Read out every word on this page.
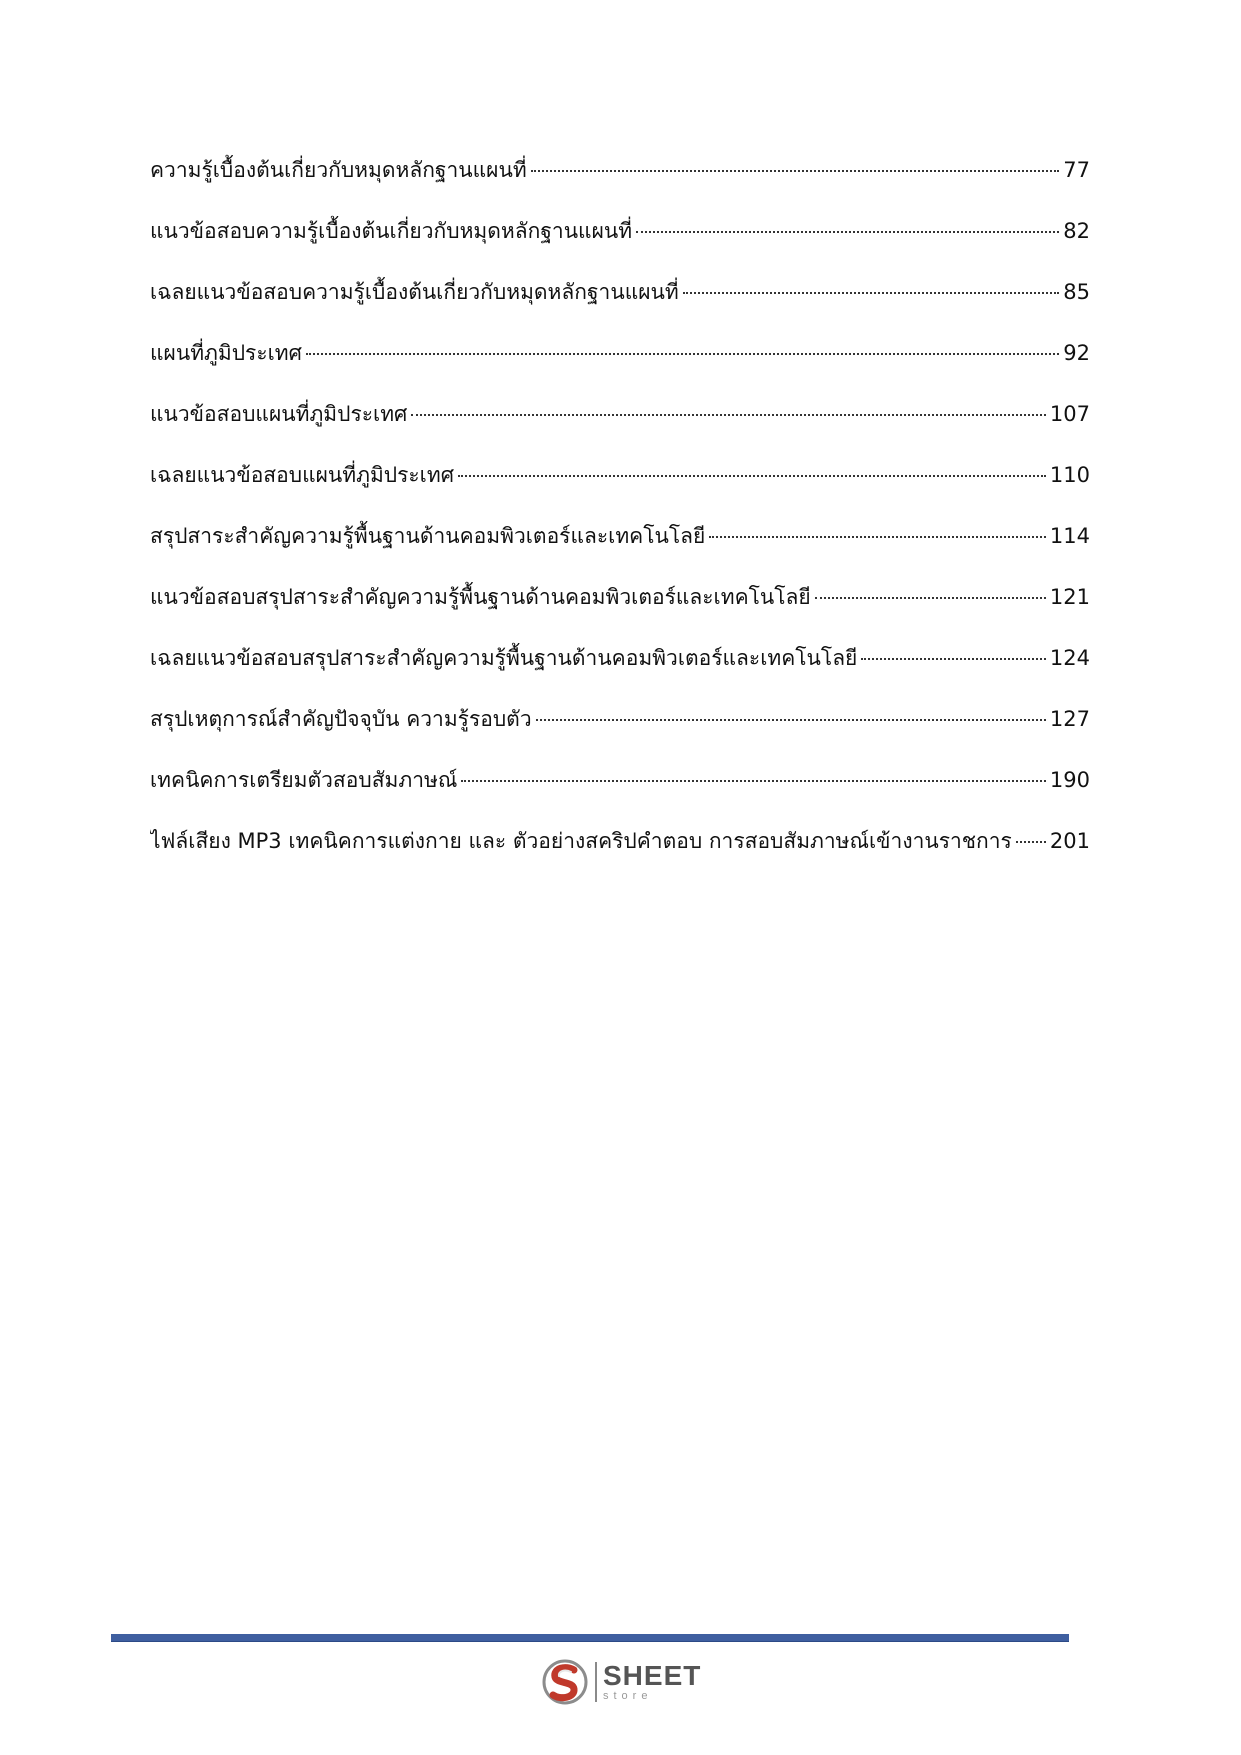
ความรู้เบื้องต้นเกี่ยวกับหมุดหลักฐานแผนที่	77
แนวข้อสอบความรู้เบื้องต้นเกี่ยวกับหมุดหลักฐานแผนที่	82
เฉลยแนวข้อสอบความรู้เบื้องต้นเกี่ยวกับหมุดหลักฐานแผนที่	85
แผนที่ภูมิประเทศ	92
แนวข้อสอบแผนที่ภูมิประเทศ	107
เฉลยแนวข้อสอบแผนที่ภูมิประเทศ	110
สรุปสาระสำคัญความรู้พื้นฐานด้านคอมพิวเตอร์และเทคโนโลยี	114
แนวข้อสอบสรุปสาระสำคัญความรู้พื้นฐานด้านคอมพิวเตอร์และเทคโนโลยี	121
เฉลยแนวข้อสอบสรุปสาระสำคัญความรู้พื้นฐานด้านคอมพิวเตอร์และเทคโนโลยี	124
สรุปเหตุการณ์สำคัญปัจจุบัน ความรู้รอบตัว	127
เทคนิคการเตรียมตัวสอบสัมภาษณ์	190
ไฟล์เสียง MP3 เทคนิคการแต่งกาย และ ตัวอย่างสคริปคำตอบ การสอบสัมภาษณ์เข้างานราชการ 201
SHEET
store
